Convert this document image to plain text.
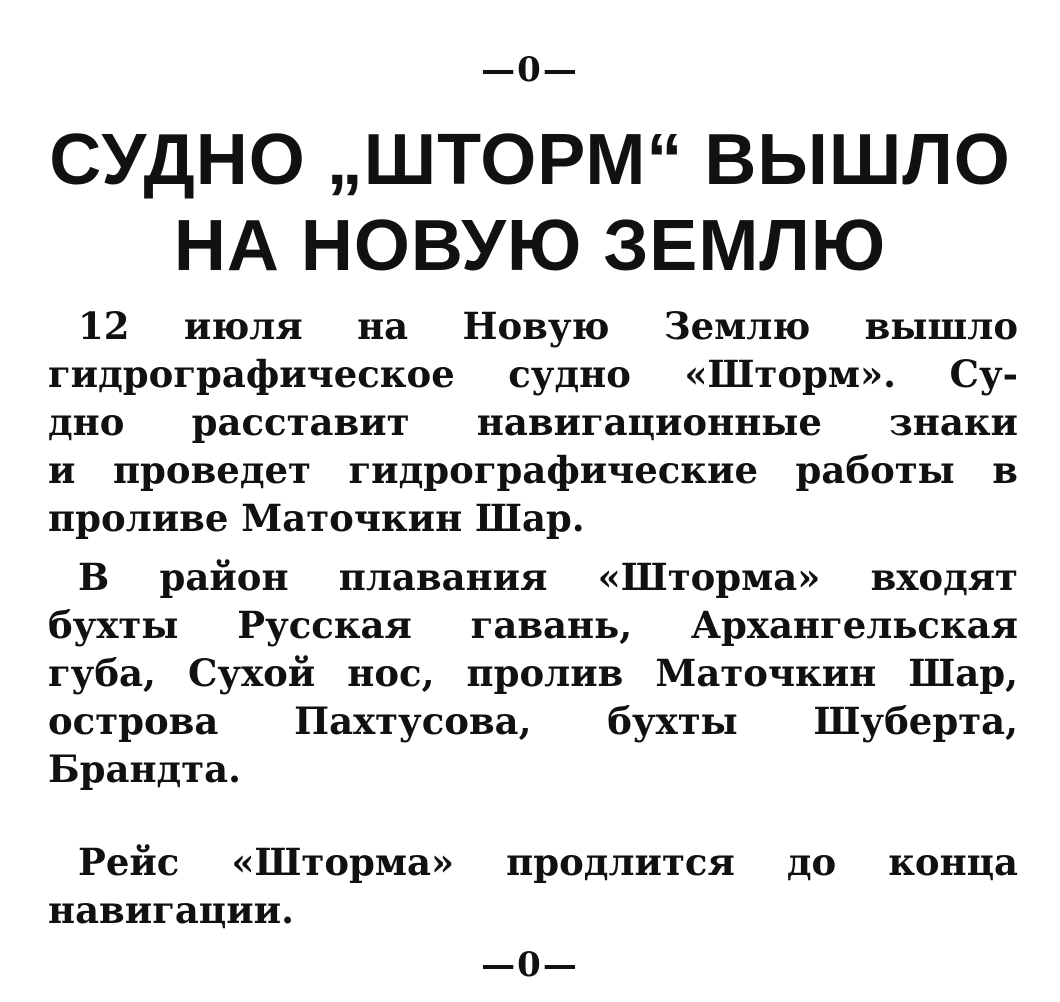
—0—
СУДНО „ШТОРМ“ ВЫШЛО
НА НОВУЮ ЗЕМЛЮ

12 июля на Новую Землю вышло
гидрографическое судно «Шторм». Су-
дно расставит навигационные знаки
и проведет гидрографические работы в
проливе Маточкин Шар.

В район плавания «Шторма» входят
бухты Русская гавань, Архангельская
губа, Сухой нос, пролив Маточкин Шар,
острова Пахтусова, бухты Шуберта,
Брандта.

Рейс «Шторма» продлится до конца
навигации.

—0—
